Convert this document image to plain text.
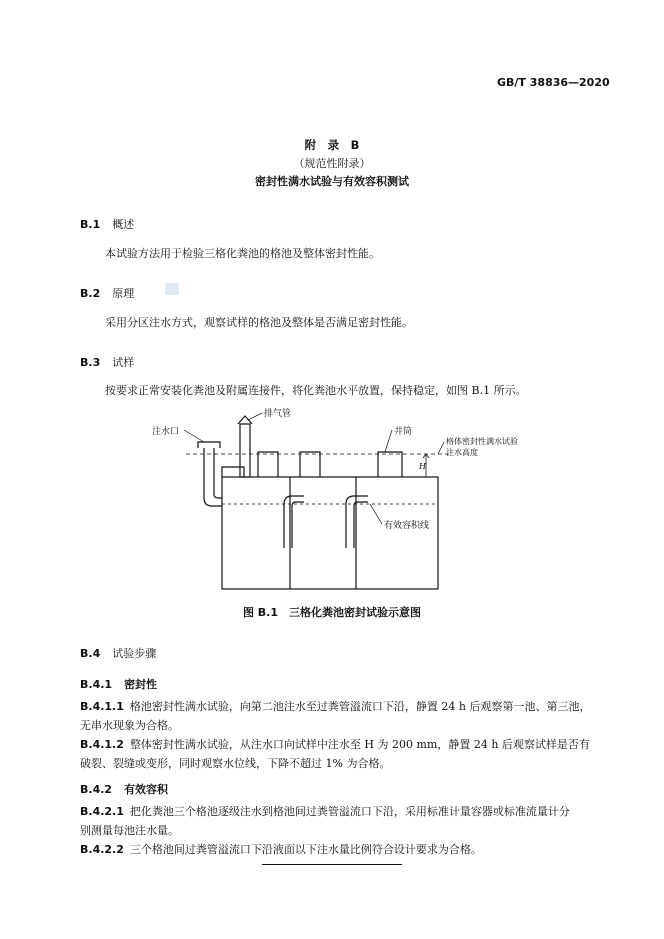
GB/T 38836—2020
附　录　B
（规范性附录）
密封性满水试验与有效容积测试
B.1 概述
本试验方法用于检验三格化粪池的格池及整体密封性能。
B.2 原理
采用分区注水方式，观察试样的格池及整体是否满足密封性能。
B.3 试样
按要求正常安装化粪池及附属连接件，将化粪池水平放置，保持稳定，如图 B.1 所示。
注水口
排气管
井筒
格体密封性满水试验
注水高度
H
有效容积线
图 B.1　三格化粪池密封试验示意图
B.4 试验步骤
B.4.1 密封性
B.4.1.1 格池密封性满水试验，向第二池注水至过粪管溢流口下沿，静置 24 h 后观察第一池、第三池，
无串水现象为合格。
B.4.1.2 整体密封性满水试验，从注水口向试样中注水至 H 为 200 mm，静置 24 h 后观察试样是否有
破裂、裂缝或变形，同时观察水位线，下降不超过 1% 为合格。
B.4.2 有效容积
B.4.2.1 把化粪池三个格池逐级注水到格池间过粪管溢流口下沿，采用标准计量容器或标准流量计分
别测量每池注水量。
B.4.2.2 三个格池间过粪管溢流口下沿液面以下注水量比例符合设计要求为合格。
